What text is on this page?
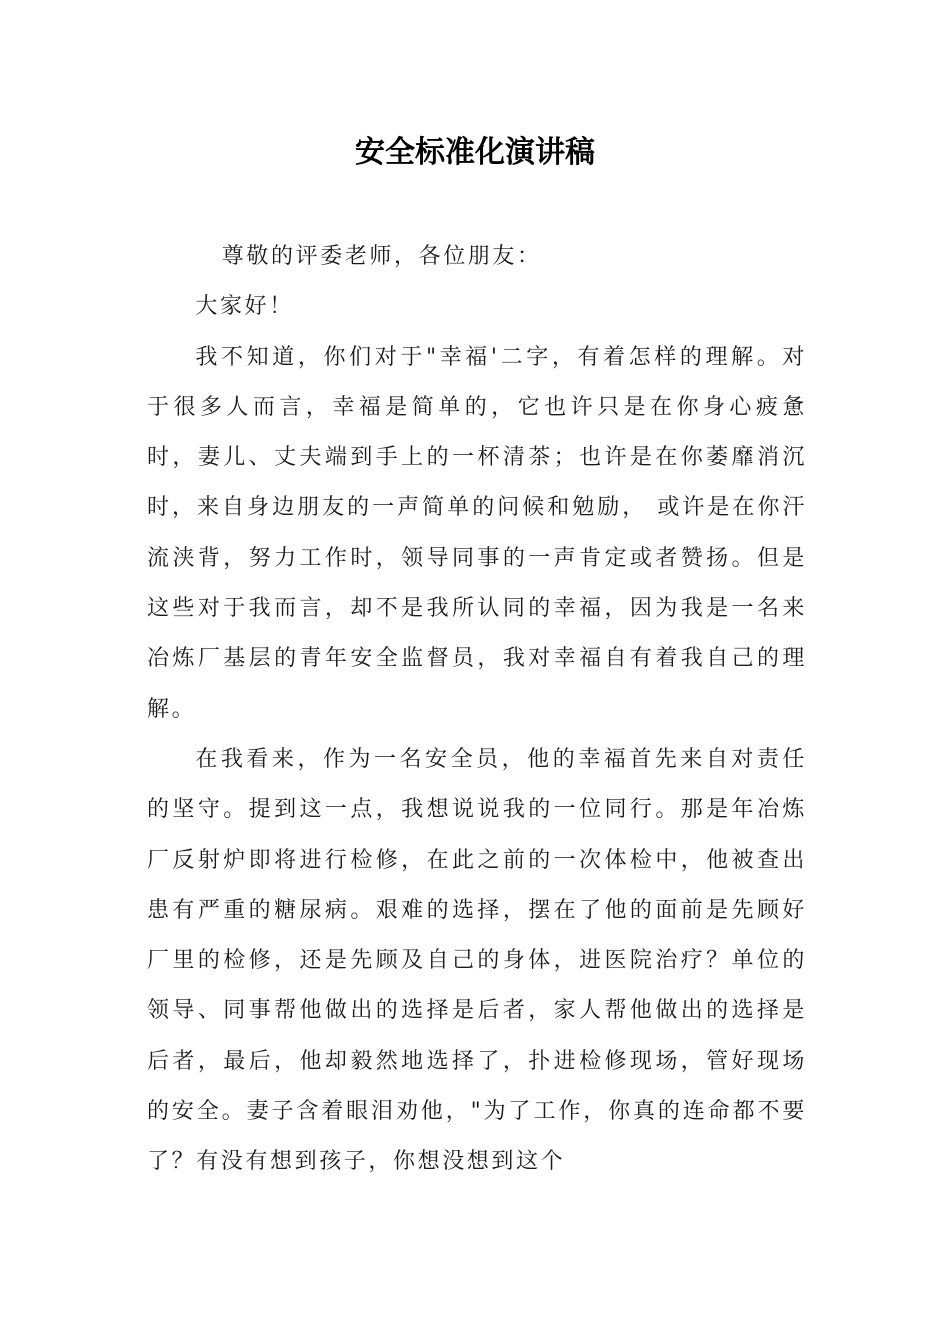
安全标准化演讲稿

尊敬的评委老师，各位朋友：

大家好！

我不知道，你们对于"幸福'二字，有着怎样的理解。对于很多人而言，幸福是简单的，它也许只是在你身心疲惫时，妻儿、丈夫端到手上的一杯清茶；也许是在你萎靡消沉时，来自身边朋友的一声简单的问候和勉励， 或许是在你汗流浃背，努力工作时，领导同事的一声肯定或者赞扬。但是这些对于我而言，却不是我所认同的幸福，因为我是一名来冶炼厂基层的青年安全监督员，我对幸福自有着我自己的理解。

在我看来，作为一名安全员，他的幸福首先来自对责任的坚守。提到这一点，我想说说我的一位同行。那是年冶炼厂反射炉即将进行检修，在此之前的一次体检中，他被查出患有严重的糖尿病。艰难的选择，摆在了他的面前是先顾好厂里的检修，还是先顾及自己的身体，进医院治疗？单位的领导、同事帮他做出的选择是后者，家人帮他做出的选择是后者，最后，他却毅然地选择了，扑进检修现场，管好现场的安全。妻子含着眼泪劝他，"为了工作，你真的连命都不要了？有没有想到孩子，你想没想到这个
